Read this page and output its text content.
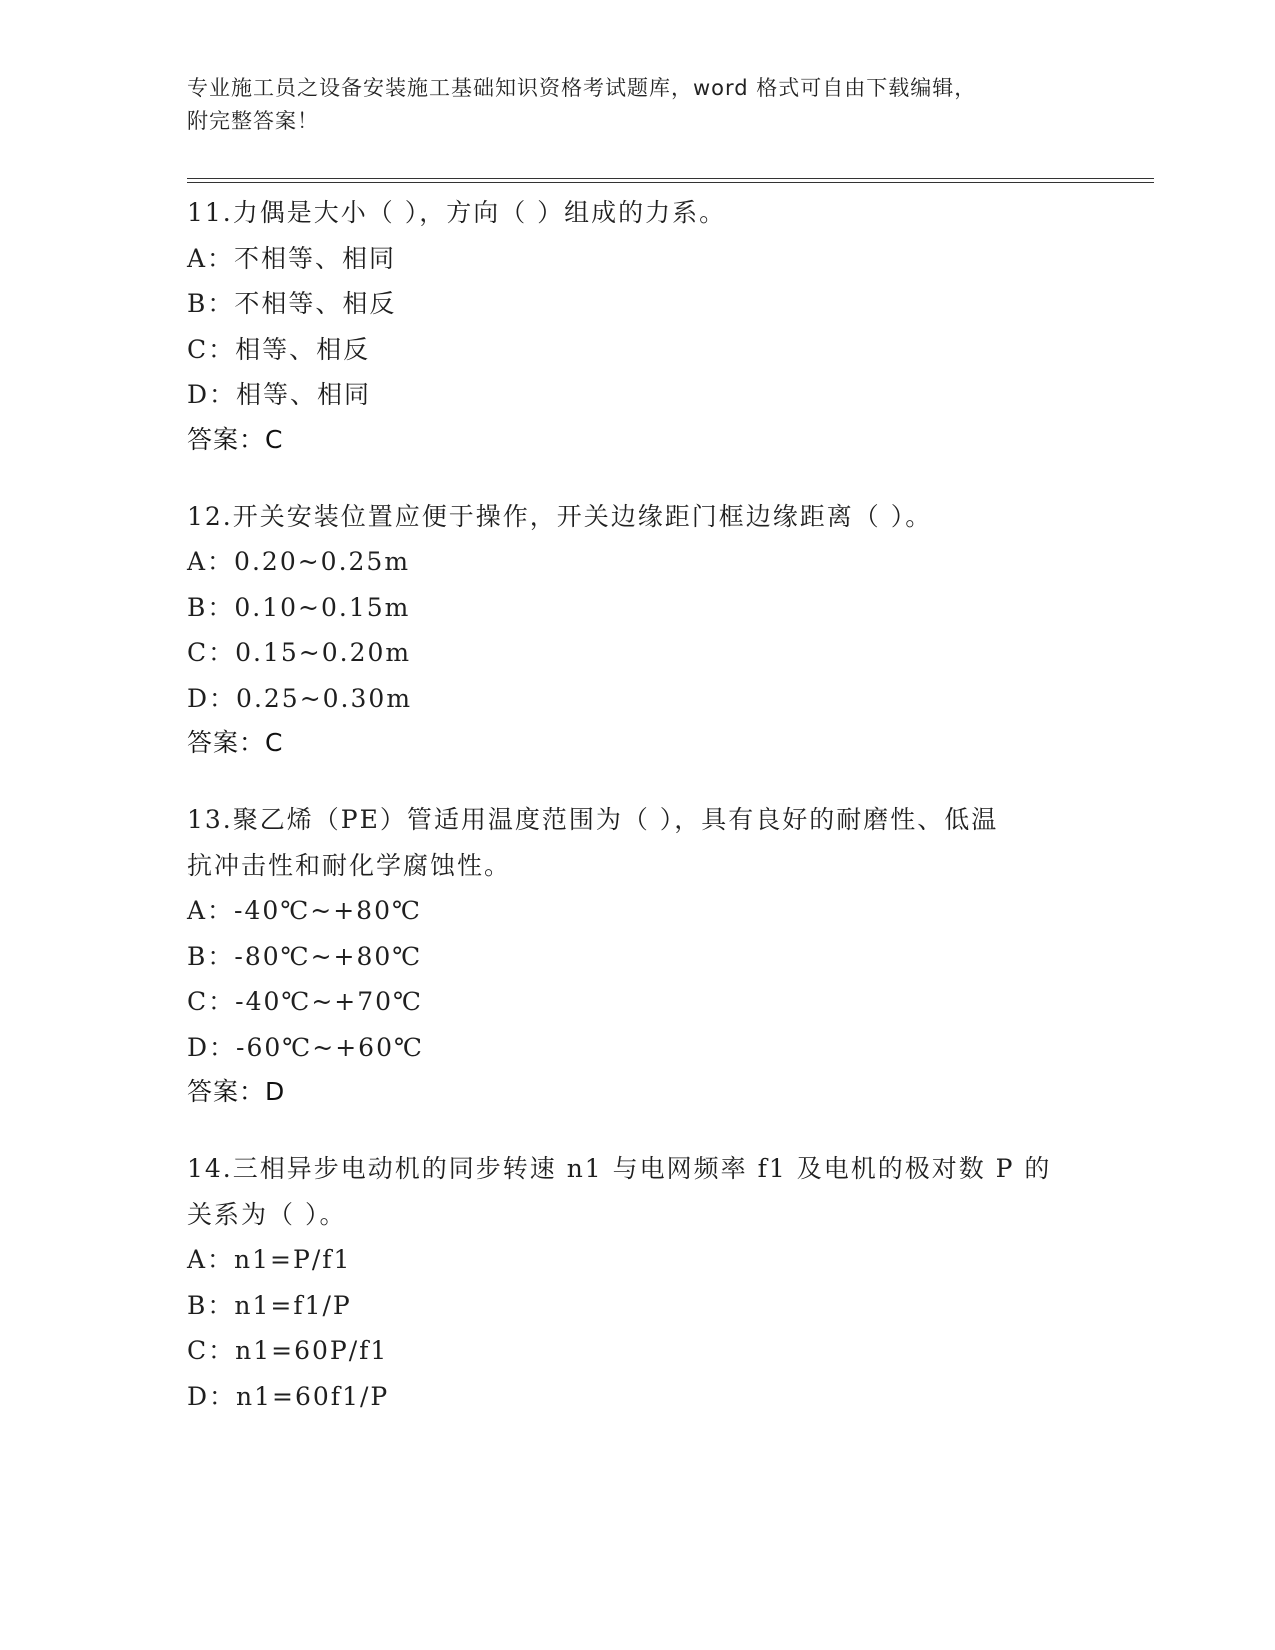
专业施工员之设备安装施工基础知识资格考试题库，word 格式可自由下载编辑，
附完整答案！
11.力偶是大小（ ），方向（ ）组成的力系。
A：不相等、相同
B：不相等、相反
C：相等、相反
D：相等、相同
答案：C
12.开关安装位置应便于操作，开关边缘距门框边缘距离（ ）。
A：0.20~0.25m
B：0.10~0.15m
C：0.15~0.20m
D：0.25~0.30m
答案：C
13.聚乙烯（PE）管适用温度范围为（ ），具有良好的耐磨性、低温
抗冲击性和耐化学腐蚀性。
A：-40℃~+80℃
B：-80℃~+80℃
C：-40℃~+70℃
D：-60℃~+60℃
答案：D
14.三相异步电动机的同步转速 n1 与电网频率 f1 及电机的极对数 P 的
关系为（ ）。
A：n1=P/f1
B：n1=f1/P
C：n1=60P/f1
D：n1=60f1/P
